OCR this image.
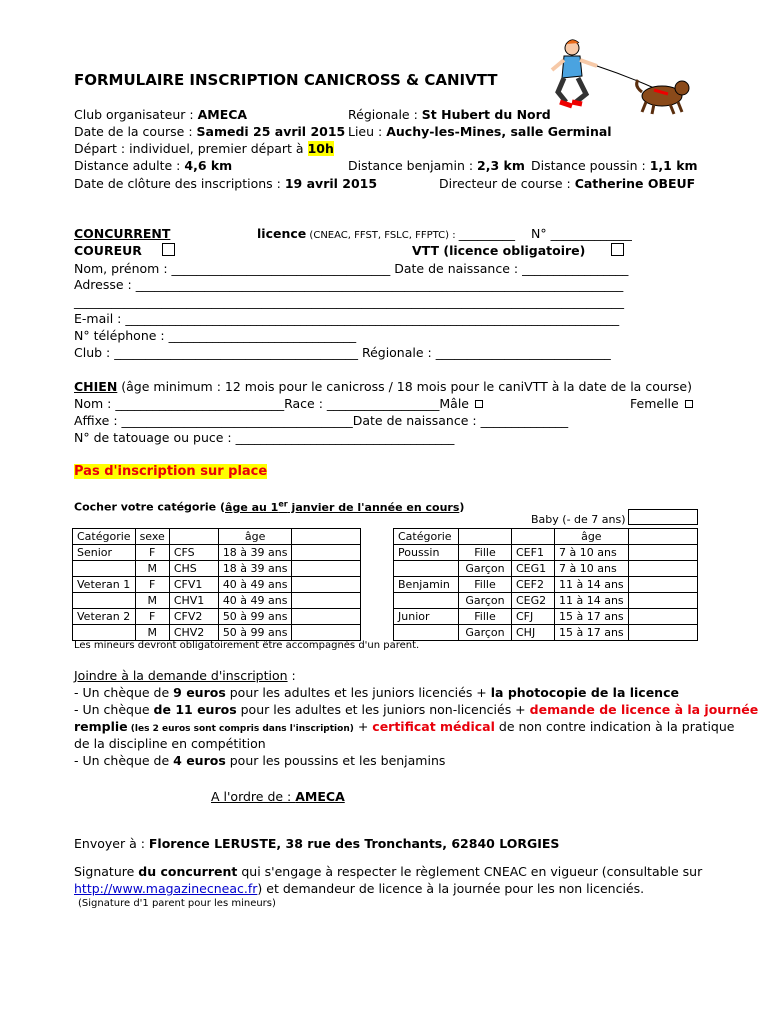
FORMULAIRE INSCRIPTION CANICROSS & CANIVTT
Club organisateur : AMECA	Régionale : St Hubert du Nord
Date de la course : Samedi 25 avril 2015 Lieu : Auchy-les-Mines, salle Germinal
Départ : individuel, premier départ à 10h
Distance adulte : 4,6 km	Distance benjamin : 2,3 km Distance poussin : 1,1 km
Date de clôture des inscriptions : 19 avril 2015	Directeur de course : Catherine OBEUF
CONCURRENT	licence (CNEAC, FFST, FSLC, FFPTC) : _________ N° _____________
COUREUR	VTT (licence obligatoire)
Nom, prénom : ___________________________________ Date de naissance : _________________
Adresse : ______________________________________________________________________________
________________________________________________________________________________________
E-mail : _______________________________________________________________________________
N° téléphone : ______________________________
Club : _______________________________________ Régionale : ____________________________
CHIEN (âge minimum : 12 mois pour le canicross / 18 mois pour le caniVTT à la date de la course)
Nom : ___________________________Race : __________________Mâle	Femelle
Affixe : _____________________________________Date de naissance : ______________
N° de tatouage ou puce : ___________________________________
Pas d'inscription sur place
Cocher votre catégorie (âge au 1er janvier de l'année en cours)
Baby (- de 7 ans)
Catégorie	sexe		âge	
Senior	F	CFS	18 à 39 ans	
	M	CHS	18 à 39 ans	
Veteran 1	F	CFV1	40 à 49 ans	
	M	CHV1	40 à 49 ans	
Veteran 2	F	CFV2	50 à 99 ans	
	M	CHV2	50 à 99 ans	
Catégorie			âge	
Poussin	Fille	CEF1	7 à 10 ans	
	Garçon	CEG1	7 à 10 ans	
Benjamin	Fille	CEF2	11 à 14 ans	
	Garçon	CEG2	11 à 14 ans	
Junior	Fille	CFJ	15 à 17 ans	
	Garçon	CHJ	15 à 17 ans	
Les mineurs devront obligatoirement être accompagnés d'un parent.
Joindre à la demande d'inscription :
- Un chèque de 9 euros pour les adultes et les juniors licenciés + la photocopie de la licence
- Un chèque de 11 euros pour les adultes et les juniors non-licenciés + demande de licence à la journée
remplie (les 2 euros sont compris dans l'inscription) + certificat médical de non contre indication à la pratique
de la discipline en compétition
- Un chèque de 4 euros pour les poussins et les benjamins
A l'ordre de : AMECA
Envoyer à : Florence LERUSTE, 38 rue des Tronchants, 62840 LORGIES
Signature du concurrent qui s'engage à respecter le règlement CNEAC en vigueur (consultable sur
http://www.magazinecneac.fr) et demandeur de licence à la journée pour les non licenciés.
(Signature d'1 parent pour les mineurs)
